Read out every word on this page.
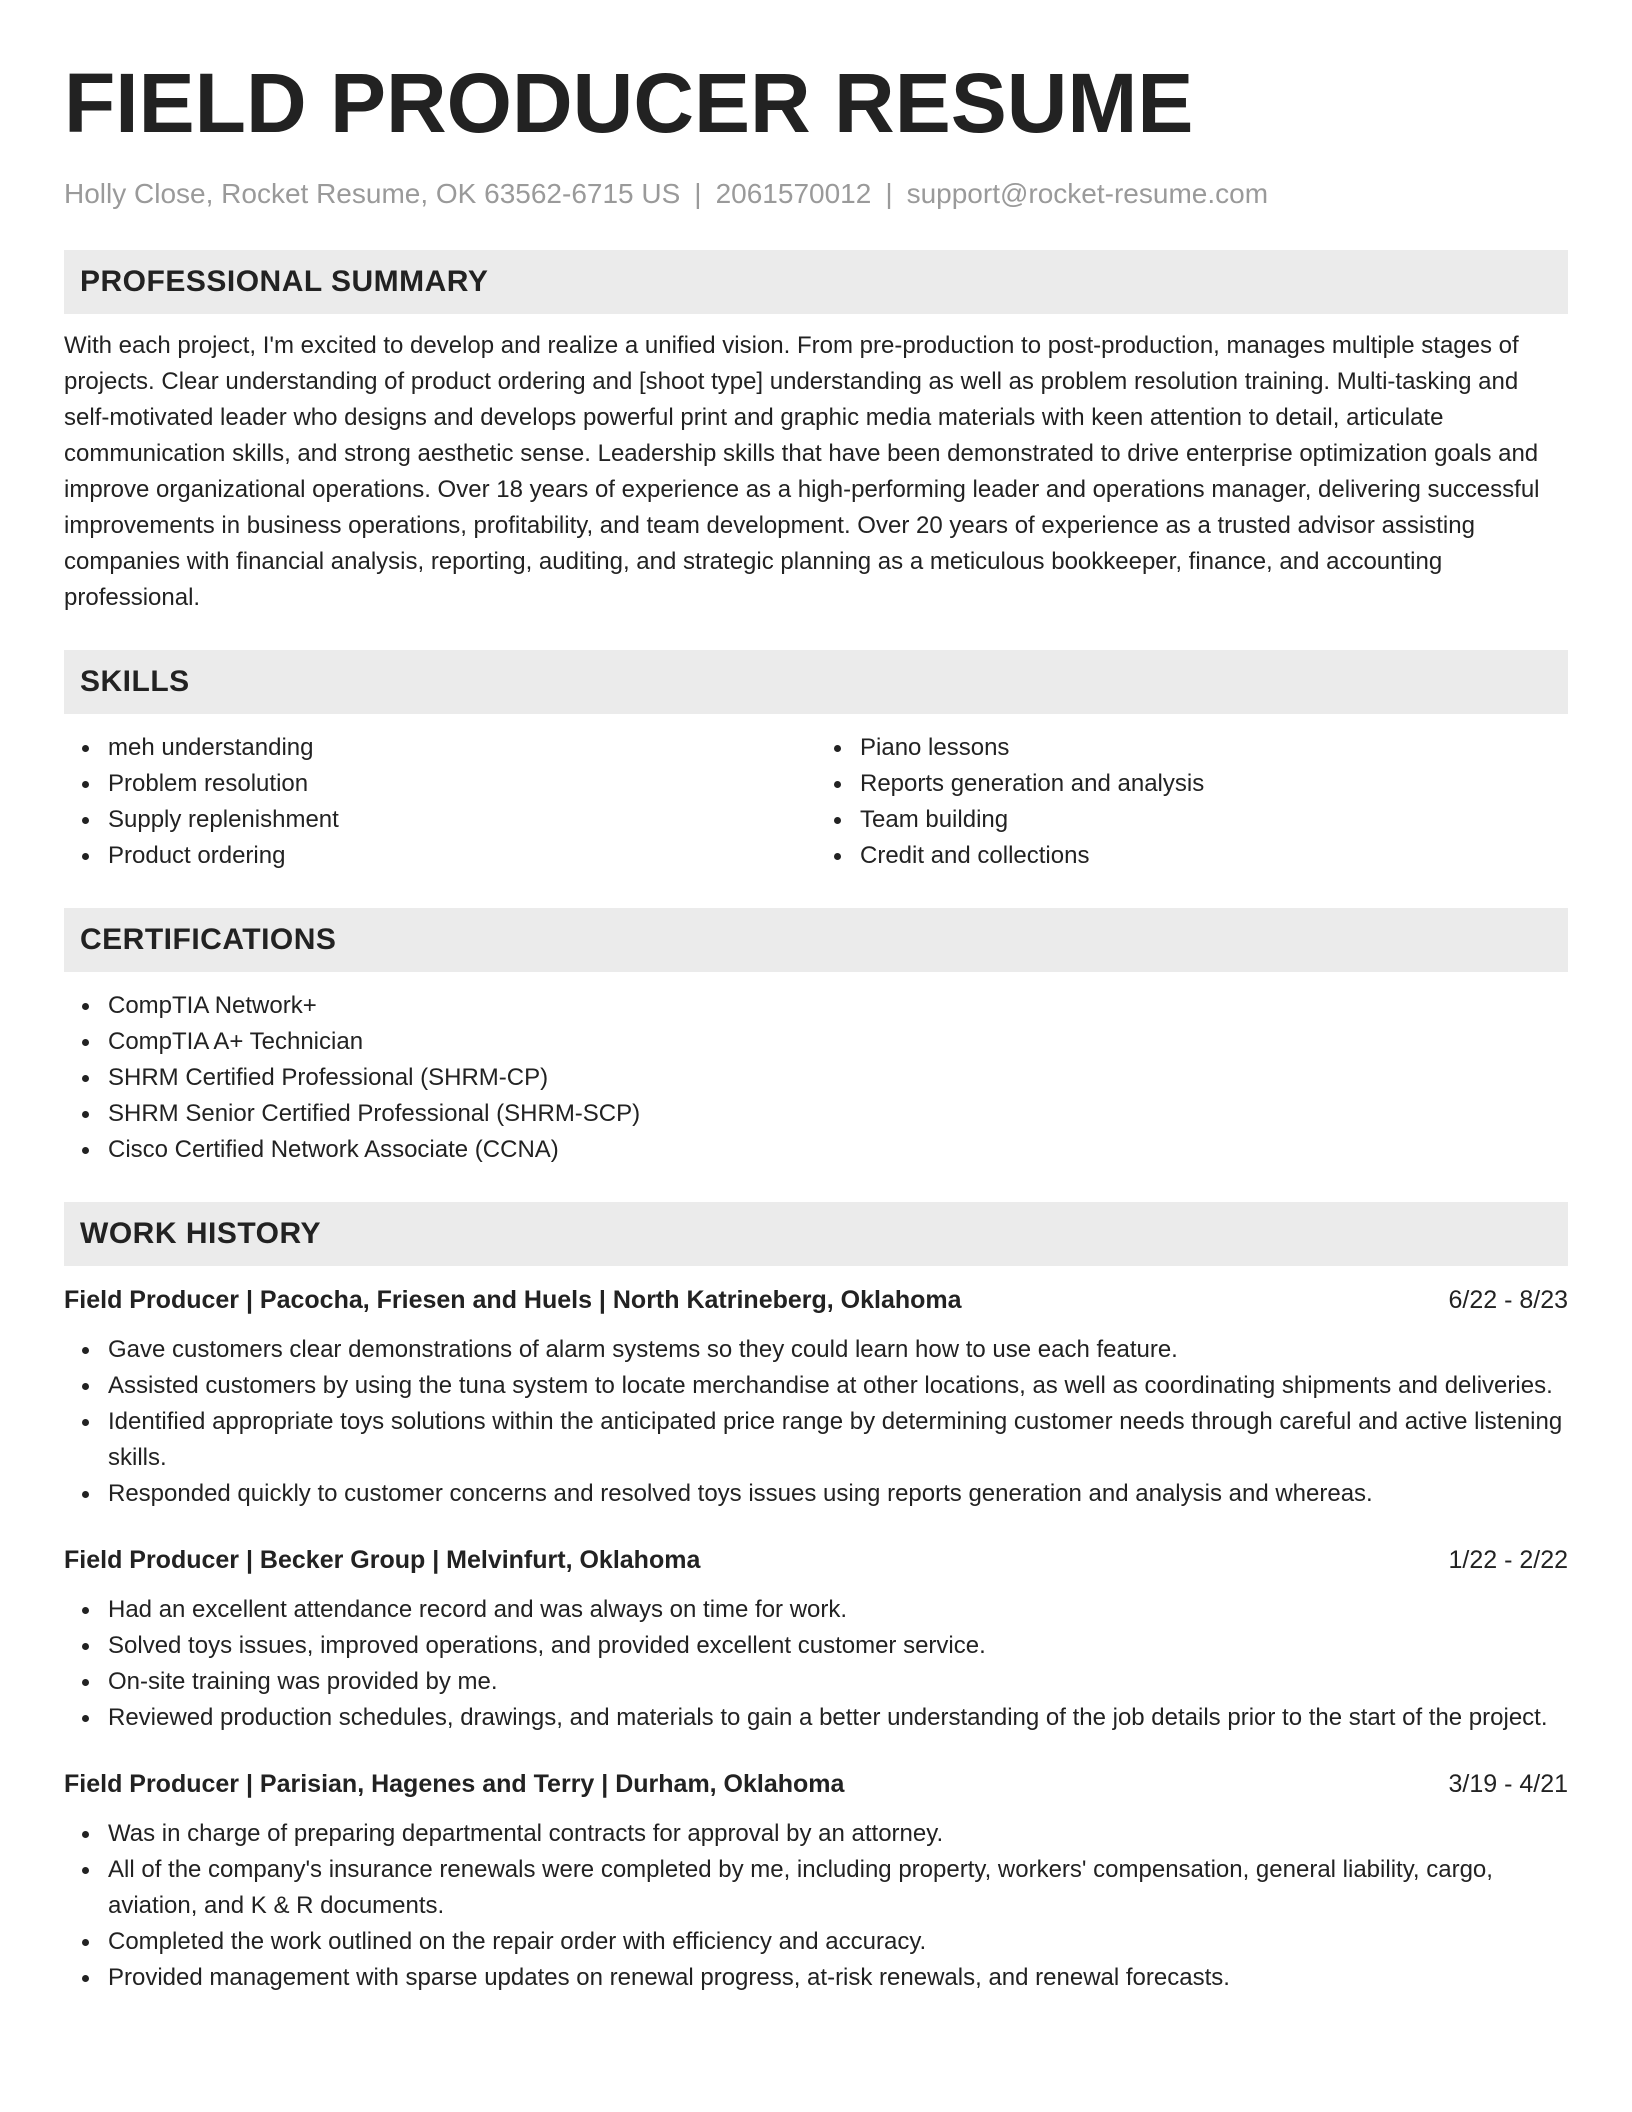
FIELD PRODUCER RESUME
Holly Close, Rocket Resume, OK 63562-6715 US | 2061570012 | support@rocket-resume.com
PROFESSIONAL SUMMARY

With each project, I'm excited to develop and realize a unified vision. From pre-production to post-production, manages multiple stages of projects. Clear understanding of product ordering and [shoot type] understanding as well as problem resolution training. Multi-tasking and self-motivated leader who designs and develops powerful print and graphic media materials with keen attention to detail, articulate communication skills, and strong aesthetic sense. Leadership skills that have been demonstrated to drive enterprise optimization goals and improve organizational operations. Over 18 years of experience as a high-performing leader and operations manager, delivering successful improvements in business operations, profitability, and team development. Over 20 years of experience as a trusted advisor assisting companies with financial analysis, reporting, auditing, and strategic planning as a meticulous bookkeeper, finance, and accounting professional.

SKILLS
meh understanding
Problem resolution
Supply replenishment
Product ordering
Piano lessons
Reports generation and analysis
Team building
Credit and collections
CERTIFICATIONS
CompTIA Network+
CompTIA A+ Technician
SHRM Certified Professional (SHRM-CP)
SHRM Senior Certified Professional (SHRM-SCP)
Cisco Certified Network Associate (CCNA)
WORK HISTORY
Field Producer | Pacocha, Friesen and Huels | North Katrineberg, Oklahoma	6/22 - 8/23
Gave customers clear demonstrations of alarm systems so they could learn how to use each feature.
Assisted customers by using the tuna system to locate merchandise at other locations, as well as coordinating shipments and deliveries.
Identified appropriate toys solutions within the anticipated price range by determining customer needs through careful and active listening skills.
Responded quickly to customer concerns and resolved toys issues using reports generation and analysis and whereas.
Field Producer | Becker Group | Melvinfurt, Oklahoma	1/22 - 2/22
Had an excellent attendance record and was always on time for work.
Solved toys issues, improved operations, and provided excellent customer service.
On-site training was provided by me.
Reviewed production schedules, drawings, and materials to gain a better understanding of the job details prior to the start of the project.
Field Producer | Parisian, Hagenes and Terry | Durham, Oklahoma	3/19 - 4/21
Was in charge of preparing departmental contracts for approval by an attorney.
All of the company's insurance renewals were completed by me, including property, workers' compensation, general liability, cargo, aviation, and K & R documents.
Completed the work outlined on the repair order with efficiency and accuracy.
Provided management with sparse updates on renewal progress, at-risk renewals, and renewal forecasts.
